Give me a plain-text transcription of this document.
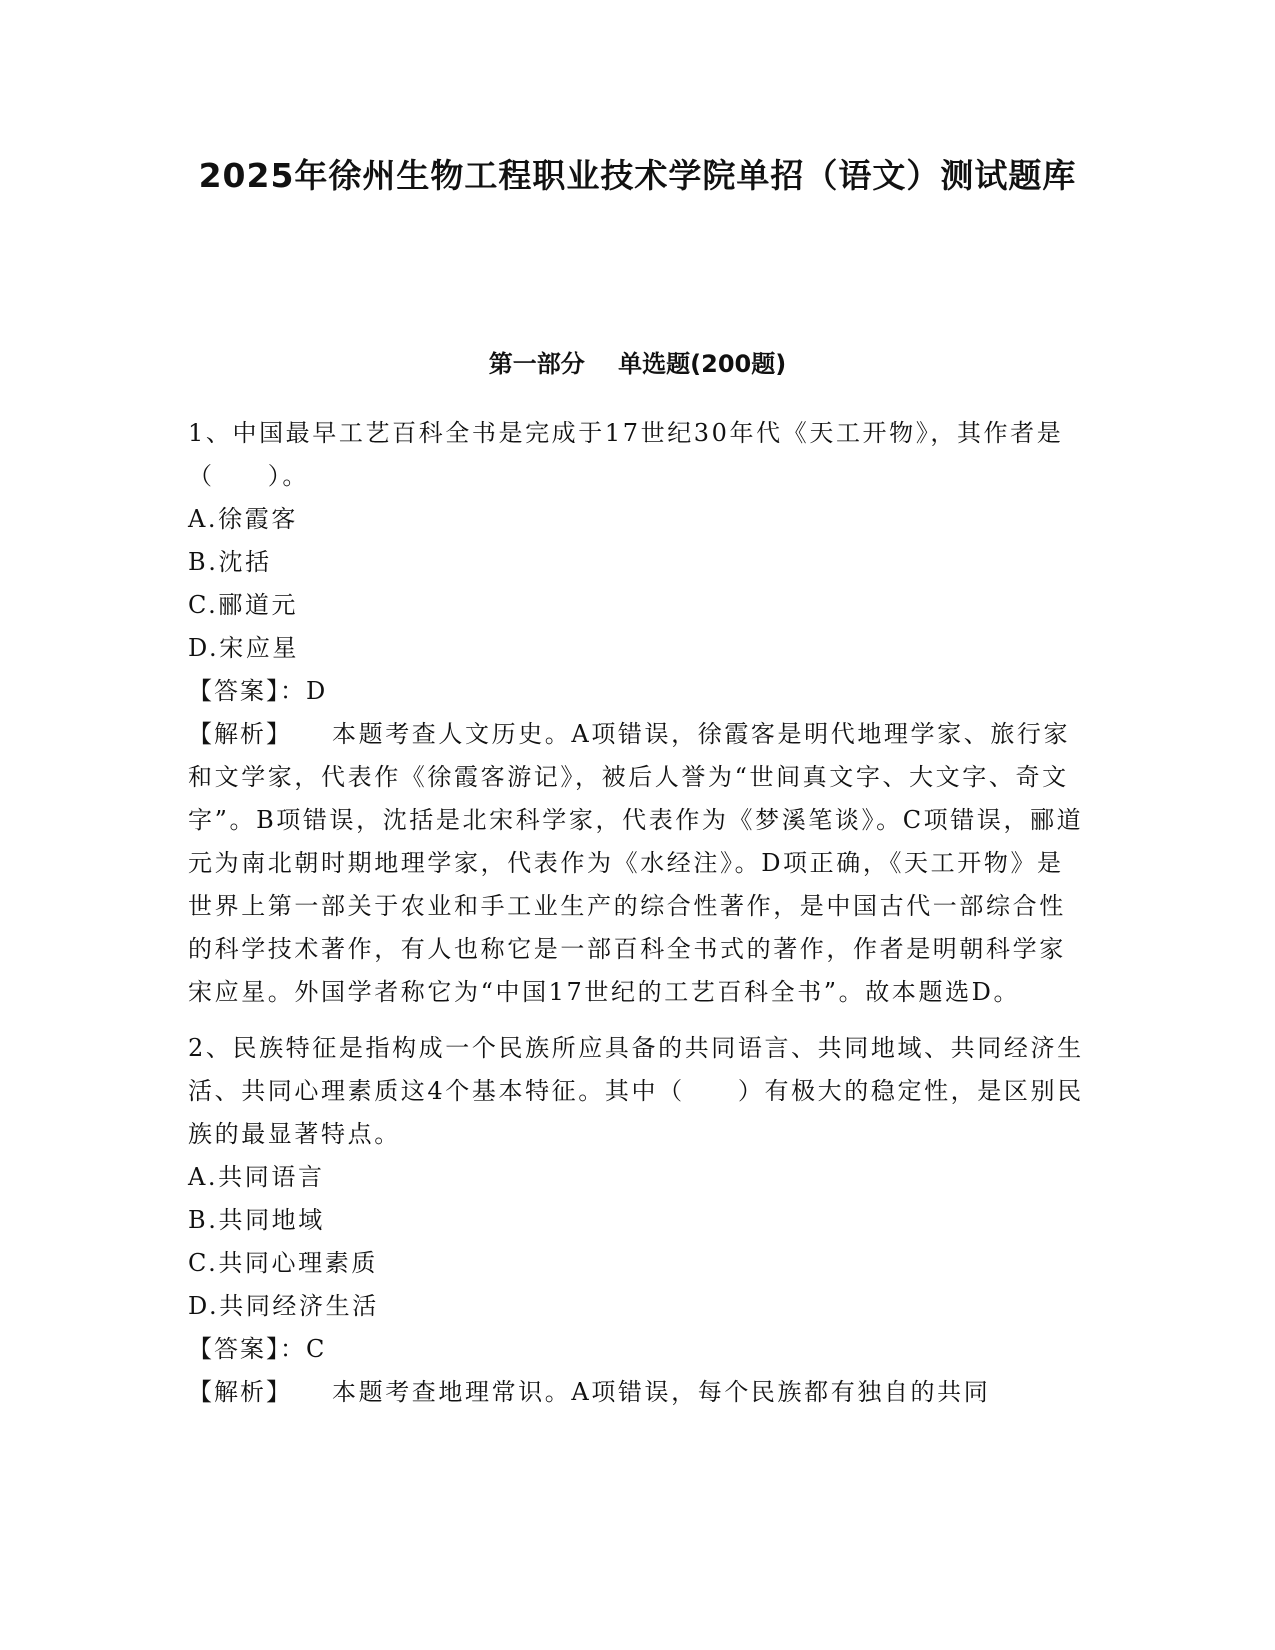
2025年徐州生物工程职业技术学院单招（语文）测试题库
第一部分    单选题(200题)

1、中国最早工艺百科全书是完成于17世纪30年代《天工开物》，其作者是（　　）。

A.徐霞客

B.沈括

C.郦道元

D.宋应星

【答案】：D

【解析】 本题考查人文历史。A项错误，徐霞客是明代地理学家、旅行家和文学家，代表作《徐霞客游记》，被后人誉为“世间真文字、大文字、奇文字”。B项错误，沈括是北宋科学家，代表作为《梦溪笔谈》。C项错误，郦道元为南北朝时期地理学家，代表作为《水经注》。D项正确，《天工开物》是世界上第一部关于农业和手工业生产的综合性著作，是中国古代一部综合性的科学技术著作，有人也称它是一部百科全书式的著作，作者是明朝科学家宋应星。外国学者称它为“中国17世纪的工艺百科全书”。故本题选D。

2、民族特征是指构成一个民族所应具备的共同语言、共同地域、共同经济生活、共同心理素质这4个基本特征。其中（　　）有极大的稳定性，是区别民族的最显著特点。

A.共同语言

B.共同地域

C.共同心理素质

D.共同经济生活

【答案】：C

【解析】 本题考查地理常识。A项错误，每个民族都有独自的共同
